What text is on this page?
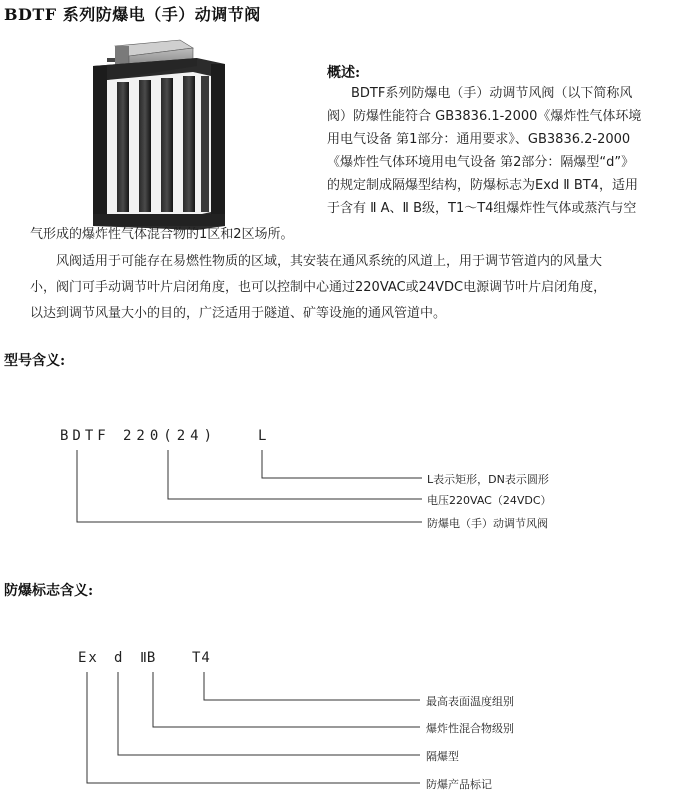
BDTF 系列防爆电（手）动调节阀
概述:
BDTF系列防爆电（手）动调节风阀（以下简称风
阀）防爆性能符合 GB3836.1-2000《爆炸性气体环境
用电气设备 第1部分：通用要求》、GB3836.2-2000
《爆炸性气体环境用电气设备 第2部分：隔爆型“d”》
的规定制成隔爆型结构，防爆标志为Exd Ⅱ BT4，适用
于含有 Ⅱ A、Ⅱ B级，T1～T4组爆炸性气体或蒸汽与空
气形成的爆炸性气体混合物的1区和2区场所。
风阀适用于可能存在易燃性物质的区域，其安装在通风系统的风道上，用于调节管道内的风量大
小，阀门可手动调节叶片启闭角度，也可以控制中心通过220VAC或24VDC电源调节叶片启闭角度，
以达到调节风量大小的目的，广泛适用于隧道、矿等设施的通风管道中。
型号含义:
BDTF 220(24)	L
L表示矩形，DN表示圆形
电压220VAC（24VDC）
防爆电（手）动调节风阀
防爆标志含义:
Ex d ⅡB	T4
最高表面温度组别
爆炸性混合物级别
隔爆型
防爆产品标记
